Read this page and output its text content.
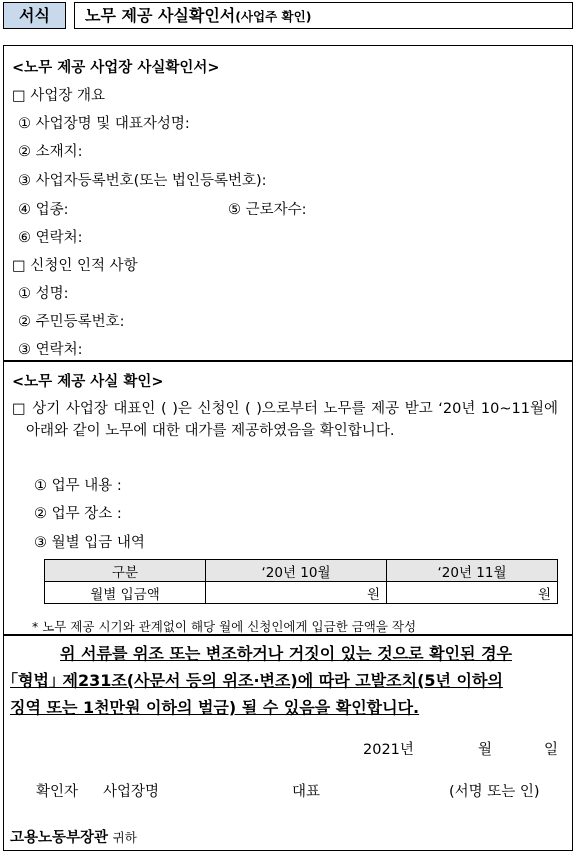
서식	노무 제공 사실확인서(사업주 확인)
<노무 제공 사업장 사실확인서>
□ 사업장 개요
① 사업장명 및 대표자성명:
② 소재지:
③ 사업자등록번호(또는 법인등록번호):
④ 업종:	⑤ 근로자수:
⑥ 연락처:
□ 신청인 인적 사항
① 성명:
② 주민등록번호:
③ 연락처:
<노무 제공 사실 확인>
□ 상기 사업장 대표인 ( )은 신청인 ( )으로부터 노무를 제공 받고 ‘20년 10~11월에 아래와 같이 노무에 대한 대가를 제공하였음을 확인합니다.
① 업무 내용 :
② 업무 장소 :
③ 월별 입금 내역
구분	‘20년 10월	‘20년 11월
월별 입금액	원	원
* 노무 제공 시기와 관계없이 해당 월에 신청인에게 입금한 금액을 작성
위 서류를 위조 또는 변조하거나 거짓이 있는 것으로 확인된 경우
｢형법｣ 제231조(사문서 등의 위조·변조)에 따라 고발조치(5년 이하의
징역 또는 1천만원 이하의 벌금) 될 수 있음을 확인합니다.
2021년	월	일
확인자 사업장명	대표	(서명 또는 인)
고용노동부장관 귀하
